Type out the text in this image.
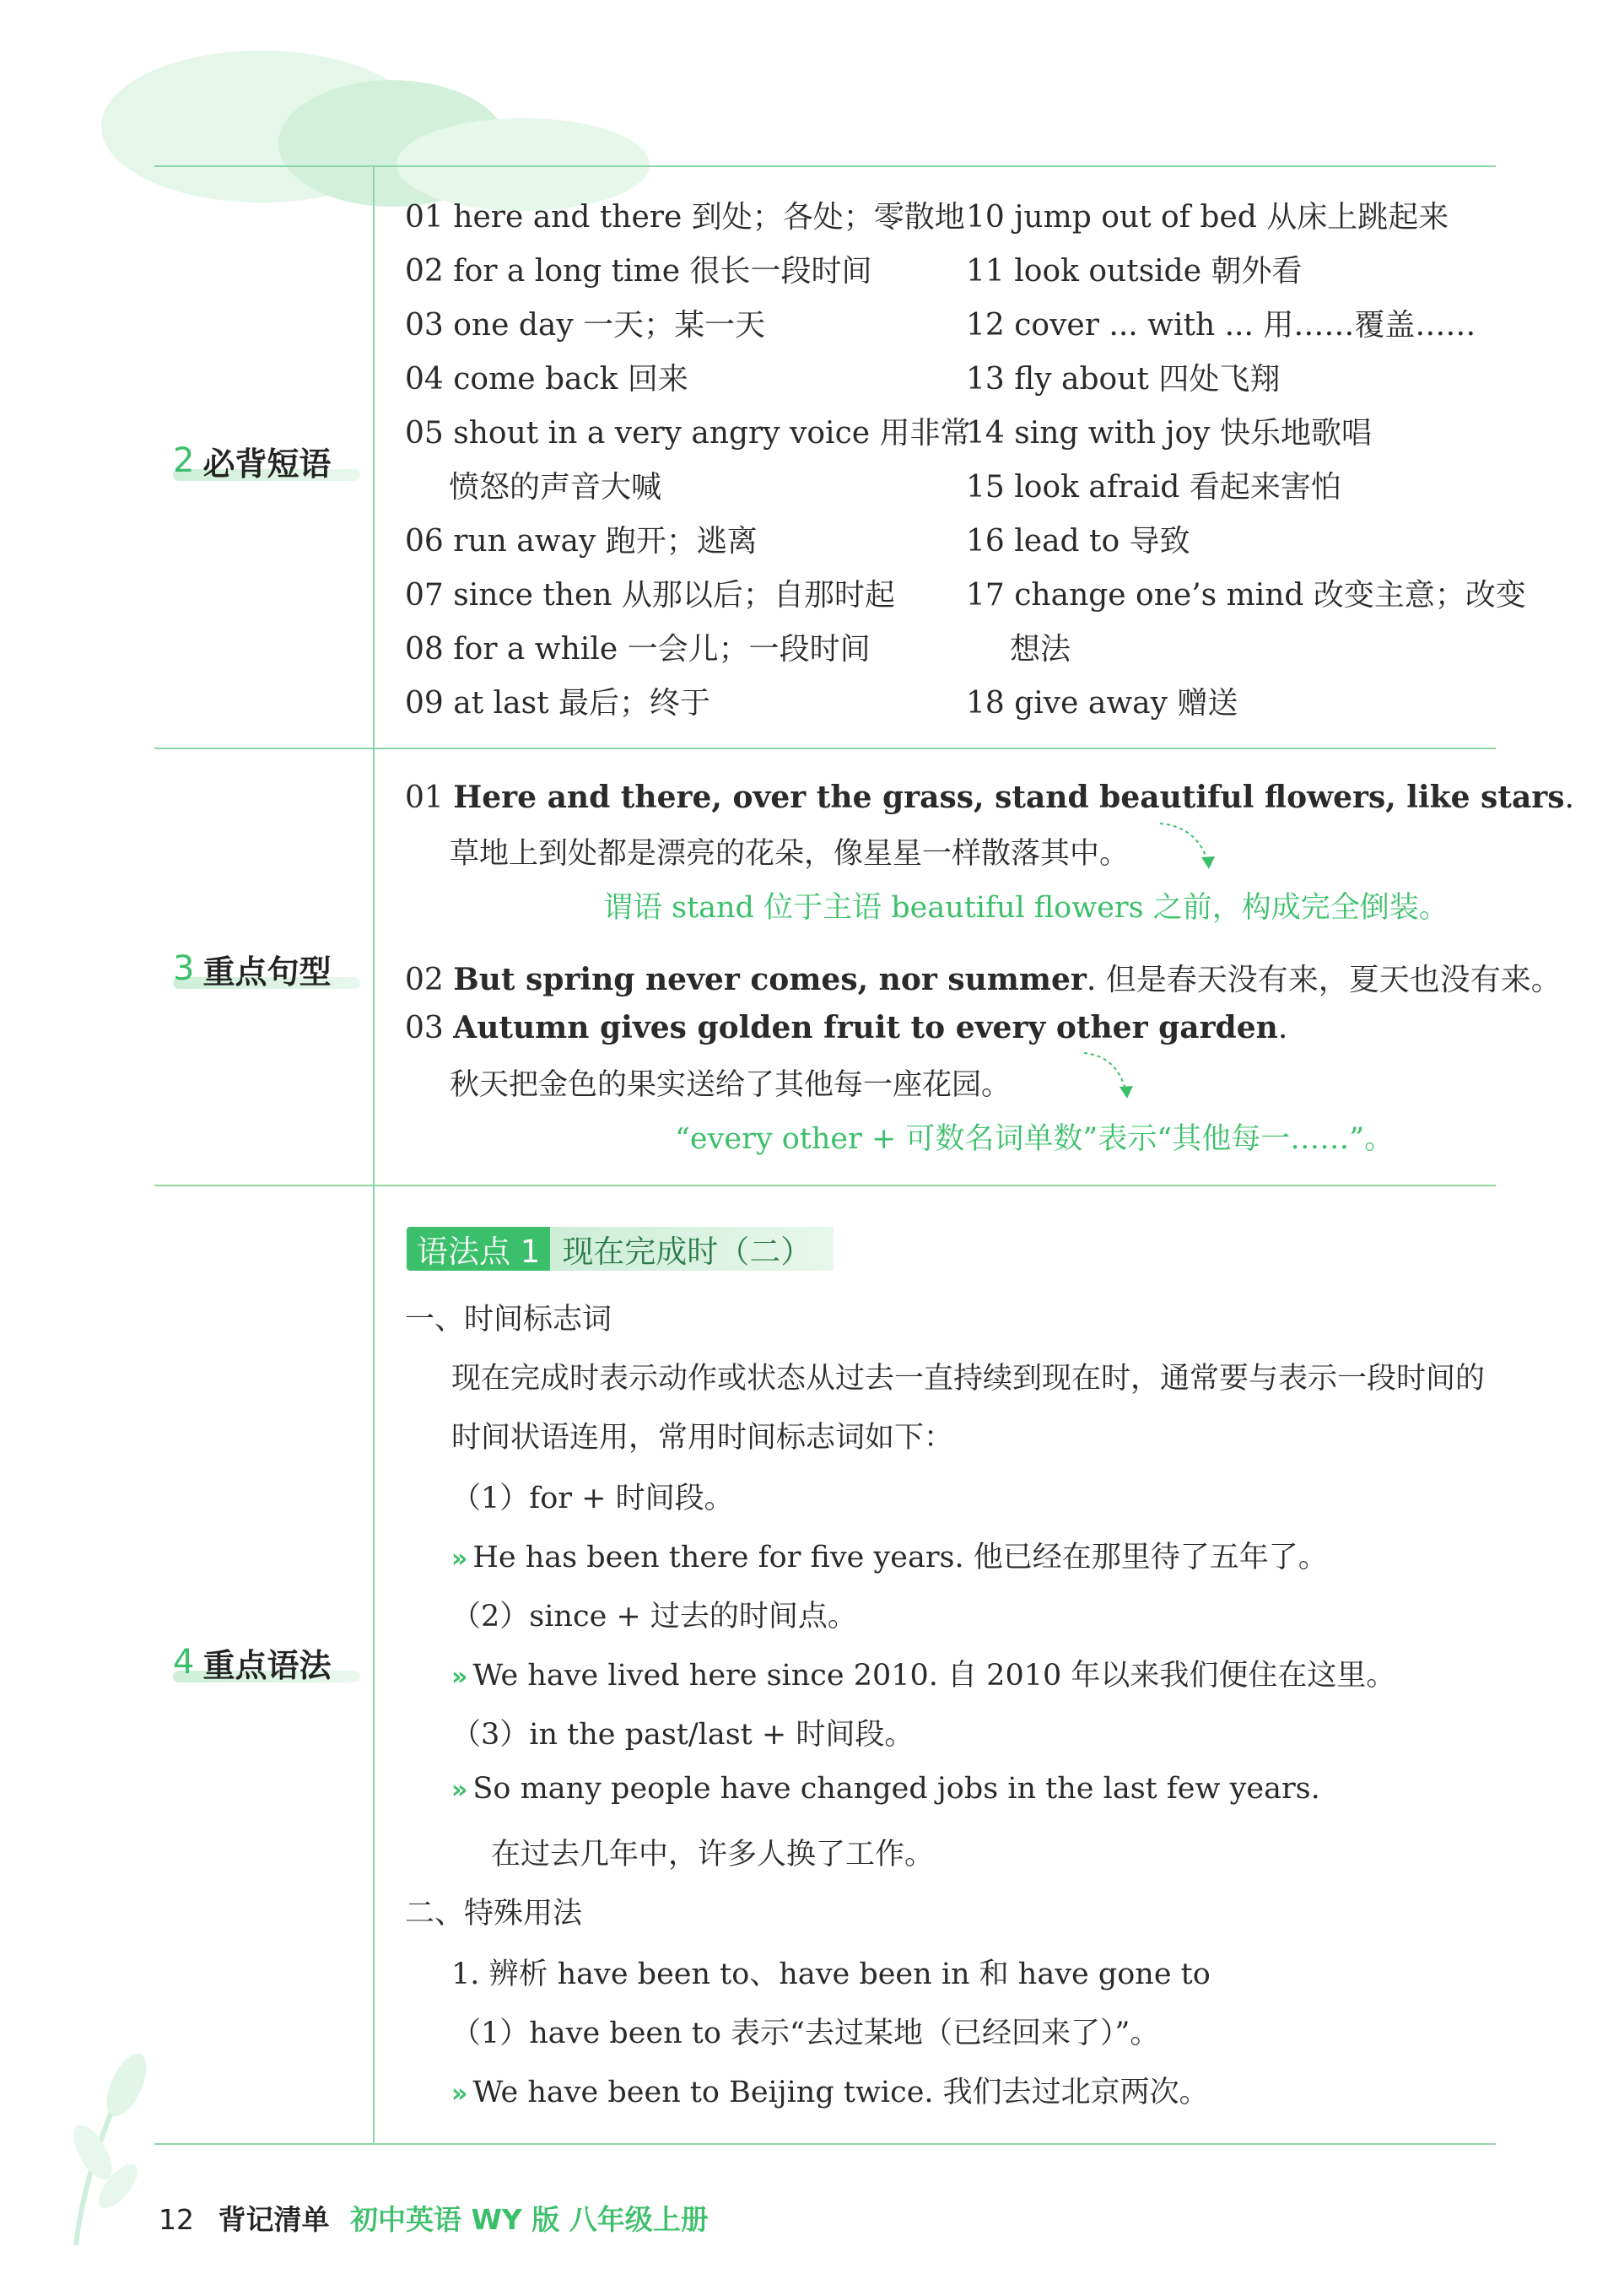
2 必背短语
3 重点句型
4 重点语法
01 here and there 到处；各处；零散地
02 for a long time 很长一段时间
03 one day 一天；某一天
04 come back 回来
05 shout in a very angry voice 用非常
愤怒的声音大喊
06 run away 跑开；逃离
07 since then 从那以后；自那时起
08 for a while 一会儿；一段时间
09 at last 最后；终于
10 jump out of bed 从床上跳起来
11 look outside 朝外看
12 cover ... with ... 用……覆盖……
13 fly about 四处飞翔
14 sing with joy 快乐地歌唱
15 look afraid 看起来害怕
16 lead to 导致
17 change one’s mind 改变主意；改变
想法
18 give away 赠送
01 Here and there, over the grass, stand beautiful flowers, like stars.
草地上到处都是漂亮的花朵，像星星一样散落其中。
谓语 stand 位于主语 beautiful flowers 之前，构成完全倒装。
02 But spring never comes, nor summer. 但是春天没有来，夏天也没有来。
03 Autumn gives golden fruit to every other garden.
秋天把金色的果实送给了其他每一座花园。
“every other + 可数名词单数”表示“其他每一……”。
语法点 1 现在完成时（二）
一、时间标志词
现在完成时表示动作或状态从过去一直持续到现在时，通常要与表示一段时间的
时间状语连用，常用时间标志词如下：
（1）for + 时间段。
» He has been there for five years. 他已经在那里待了五年了。
（2）since + 过去的时间点。
» We have lived here since 2010. 自 2010 年以来我们便住在这里。
（3）in the past/last + 时间段。
» So many people have changed jobs in the last few years.
在过去几年中，许多人换了工作。
二、特殊用法
1. 辨析 have been to、have been in 和 have gone to
（1）have been to 表示“去过某地（已经回来了）”。
» We have been to Beijing twice. 我们去过北京两次。
12 背记清单 初中英语 WY 版 八年级上册
